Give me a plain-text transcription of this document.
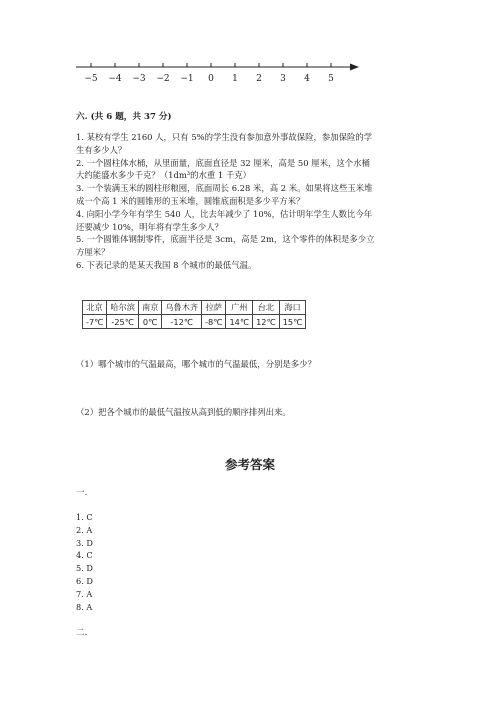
−5 −4 −3 −2 −1 0 1 2 3 4 5
六. (共 6 题，共 37 分)
1. 某校有学生 2160 人，只有 5%的学生没有参加意外事故保险，参加保险的学
生有多少人？
2. 一个圆柱体水桶，从里面量，底面直径是 32 厘米，高是 50 厘米，这个水桶
大约能盛水多少千克？（1dm³的水重 1 千克）
3. 一个装满玉米的圆柱形粮囤，底面周长 6.28 米，高 2 米。如果将这些玉米堆
成一个高 1 米的圆锥形的玉米堆，圆锥底面积是多少平方米？
4. 向阳小学今年有学生 540 人，比去年减少了 10%，估计明年学生人数比今年
还要减少 10%，明年将有学生多少人？
5. 一个圆锥体钢制零件，底面半径是 3cm，高是 2m，这个零件的体积是多少立
方厘米？
6. 下表记录的是某天我国 8 个城市的最低气温。
北京	哈尔滨	南京	乌鲁木齐	拉萨	广州	台北	海口
-7℃	-25℃	0℃	-12℃	-8℃	14℃	12℃	15℃
（1）哪个城市的气温最高，哪个城市的气温最低，分别是多少？
（2）把各个城市的最低气温按从高到低的顺序排列出来。
参考答案
一.
1. C
2. A
3. D
4. C
5. D
6. D
7. A
8. A
二.
